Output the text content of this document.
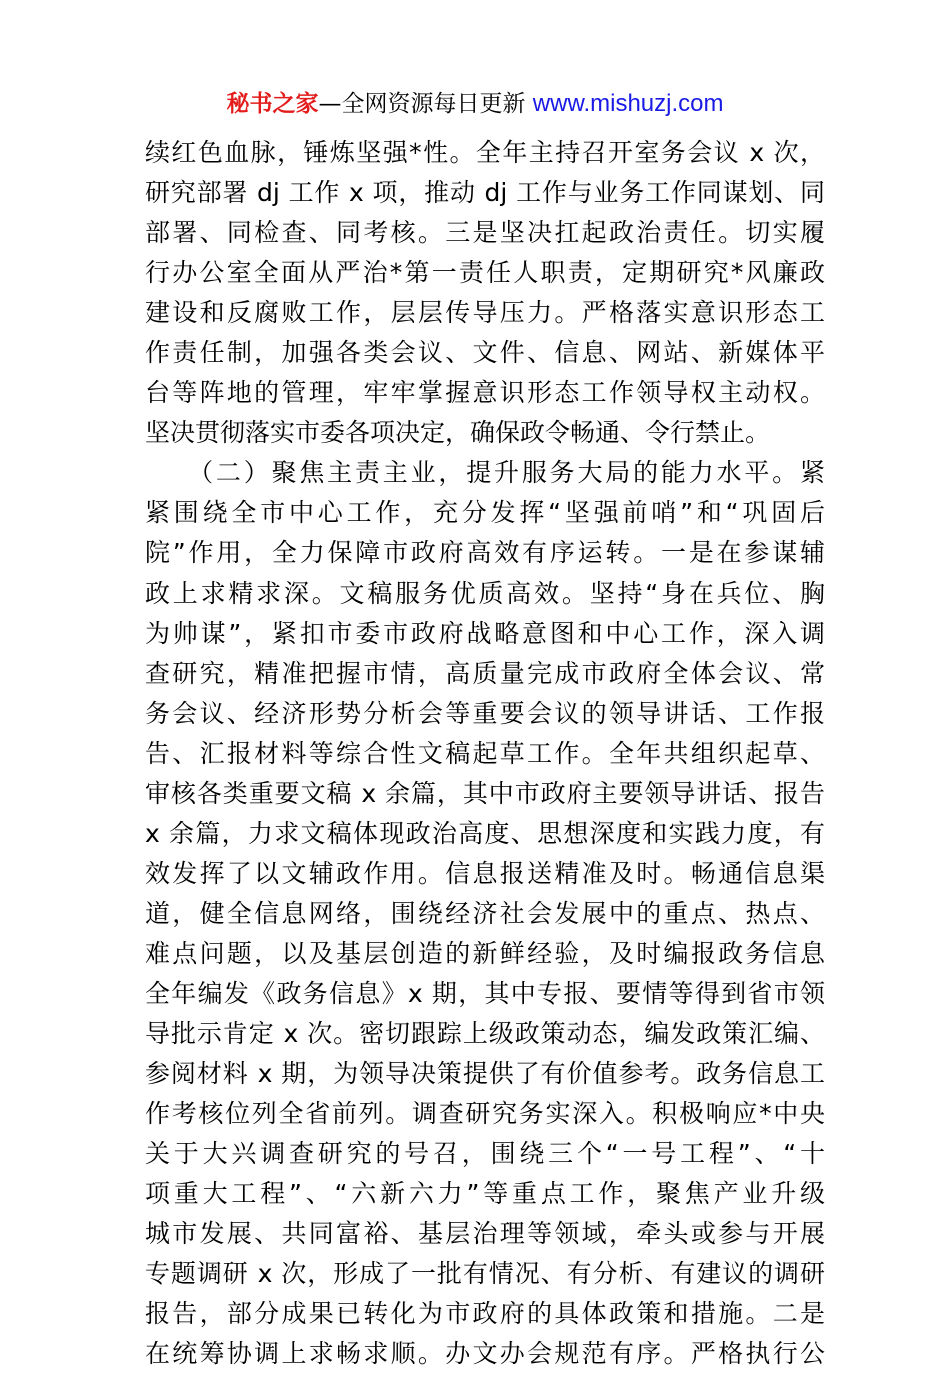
秘书之家—全网资源每日更新 www.mishuzj.com
续红色血脉，锤炼坚强*性。全年主持召开室务会议 x 次，
研究部署 dj 工作 x 项，推动 dj 工作与业务工作同谋划、同
部署、同检查、同考核。三是坚决扛起政治责任。切实履
行办公室全面从严治*第一责任人职责，定期研究*风廉政
建设和反腐败工作，层层传导压力。严格落实意识形态工
作责任制，加强各类会议、文件、信息、网站、新媒体平
台等阵地的管理，牢牢掌握意识形态工作领导权主动权。
坚决贯彻落实市委各项决定，确保政令畅通、令行禁止。
　　（二）聚焦主责主业，提升服务大局的能力水平。紧
紧围绕全市中心工作，充分发挥“坚强前哨”和“巩固后
院”作用，全力保障市政府高效有序运转。一是在参谋辅
政上求精求深。文稿服务优质高效。坚持“身在兵位、胸
为帅谋”，紧扣市委市政府战略意图和中心工作，深入调
查研究，精准把握市情，高质量完成市政府全体会议、常
务会议、经济形势分析会等重要会议的领导讲话、工作报
告、汇报材料等综合性文稿起草工作。全年共组织起草、
审核各类重要文稿 x 余篇，其中市政府主要领导讲话、报告
x 余篇，力求文稿体现政治高度、思想深度和实践力度，有
效发挥了以文辅政作用。信息报送精准及时。畅通信息渠
道，健全信息网络，围绕经济社会发展中的重点、热点、
难点问题，以及基层创造的新鲜经验，及时编报政务信息
全年编发《政务信息》x 期，其中专报、要情等得到省市领
导批示肯定 x 次。密切跟踪上级政策动态，编发政策汇编、
参阅材料 x 期，为领导决策提供了有价值参考。政务信息工
作考核位列全省前列。调查研究务实深入。积极响应*中央
关于大兴调查研究的号召，围绕三个“一号工程”、“十
项重大工程”、“六新六力”等重点工作，聚焦产业升级
城市发展、共同富裕、基层治理等领域，牵头或参与开展
专题调研 x 次，形成了一批有情况、有分析、有建议的调研
报告，部分成果已转化为市政府的具体政策和措施。二是
在统筹协调上求畅求顺。办文办会规范有序。严格执行公
